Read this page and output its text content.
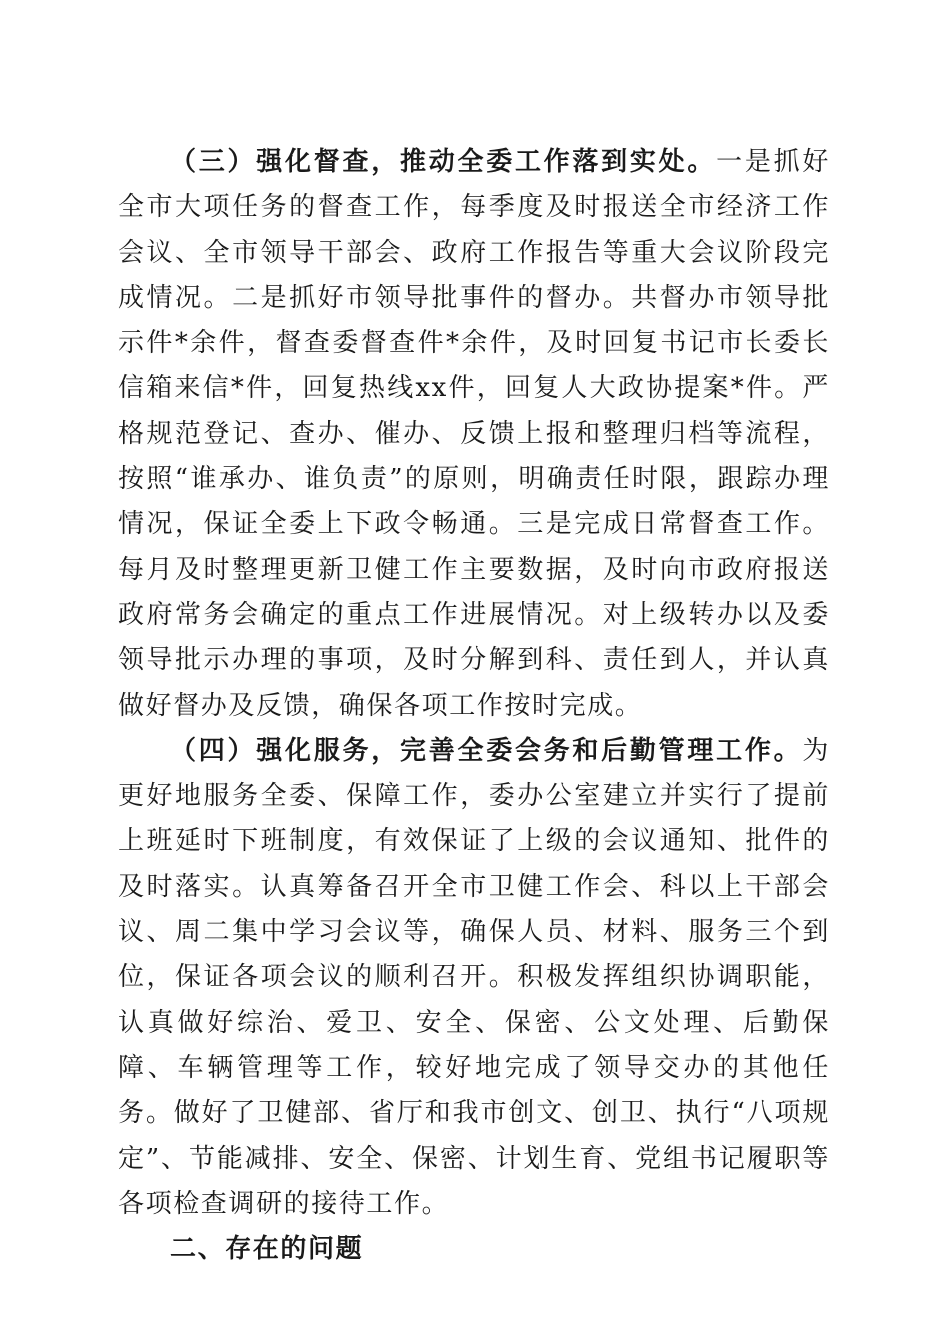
（三）强化督查，推动全委工作落到实处。一是抓好全市大项任务的督查工作，每季度及时报送全市经济工作会议、全市领导干部会、政府工作报告等重大会议阶段完成情况。二是抓好市领导批事件的督办。共督办市领导批示件*余件，督查委督查件*余件，及时回复书记市长委长信箱来信*件，回复热线xx件，回复人大政协提案*件。严格规范登记、查办、催办、反馈上报和整理归档等流程，按照“谁承办、谁负责”的原则，明确责任时限，跟踪办理情况，保证全委上下政令畅通。三是完成日常督查工作。每月及时整理更新卫健工作主要数据，及时向市政府报送政府常务会确定的重点工作进展情况。对上级转办以及委领导批示办理的事项，及时分解到科、责任到人，并认真做好督办及反馈，确保各项工作按时完成。

（四）强化服务，完善全委会务和后勤管理工作。为更好地服务全委、保障工作，委办公室建立并实行了提前上班延时下班制度，有效保证了上级的会议通知、批件的及时落实。认真筹备召开全市卫健工作会、科以上干部会议、周二集中学习会议等，确保人员、材料、服务三个到位，保证各项会议的顺利召开。积极发挥组织协调职能，认真做好综治、爱卫、安全、保密、公文处理、后勤保障、车辆管理等工作，较好地完成了领导交办的其他任务。做好了卫健部、省厅和我市创文、创卫、执行“八项规定”、节能减排、安全、保密、计划生育、党组书记履职等各项检查调研的接待工作。

二、存在的问题
